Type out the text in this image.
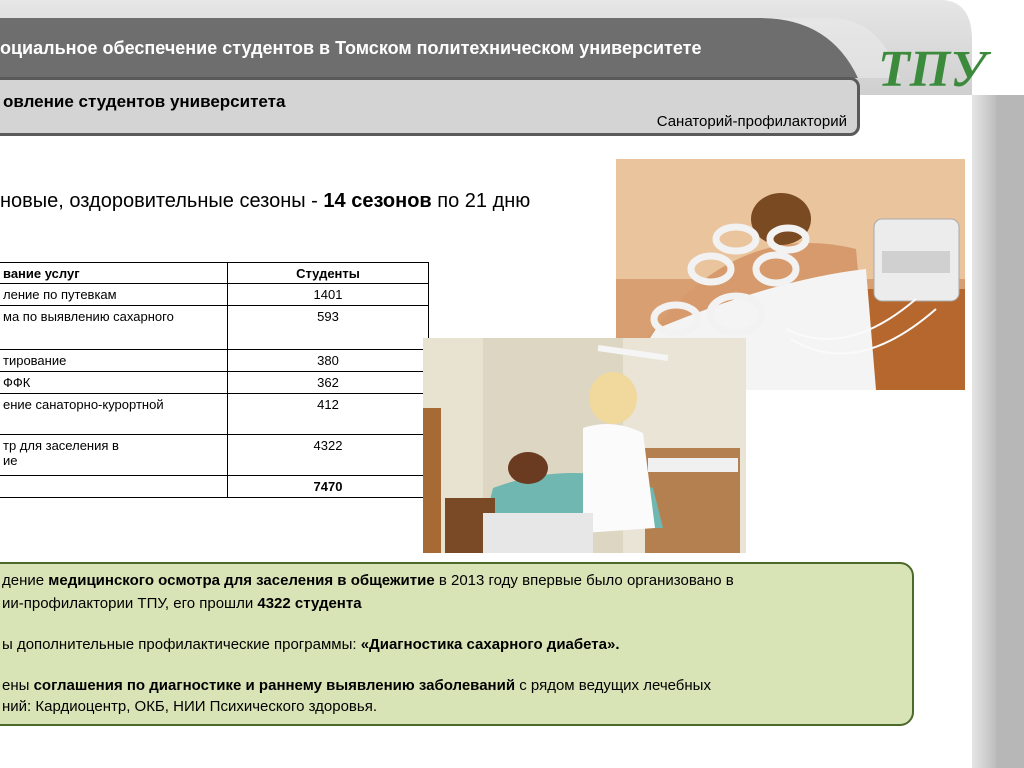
оциальное обеспечение студентов в Томском политехническом университете
овление студентов университета
Санаторий-профилакторий
ТПУ
новые, оздоровительные сезоны - 14 сезонов по 21 дню
вание услуг	Студенты
ление по путевкам	1401
ма по выявлению сахарного	593
тирование	380
ФФК	362
ение санаторно-курортной	412
тр для заселения в
ие	4322
	7470
дение медицинского осмотра для заселения в общежитие в 2013 году впервые было организовано в
ии-профилактории ТПУ, его прошли 4322 студента
ы дополнительные профилактические программы: «Диагностика сахарного диабета».
ены соглашения по диагностике и раннему выявлению заболеваний с рядом ведущих лечебных
ний: Кардиоцентр, ОКБ, НИИ Психического здоровья.
